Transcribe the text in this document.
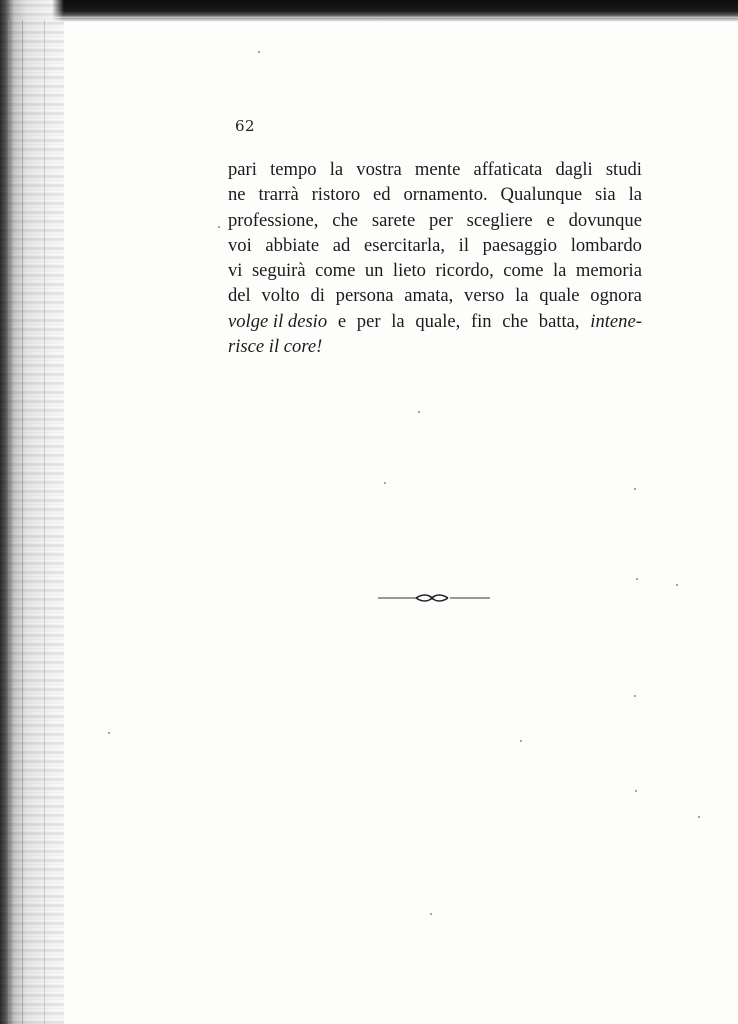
62
pari tempo la vostra mente affaticata dagli studi
ne trarrà ristoro ed ornamento. Qualunque sia la
professione, che sarete per scegliere e dovunque
voi abbiate ad esercitarla, il paesaggio lombardo
vi seguirà come un lieto ricordo, come la memoria
del volto di persona amata, verso la quale ognora
volge il desio e per la quale, fin che batta, intene-
risce il core!
